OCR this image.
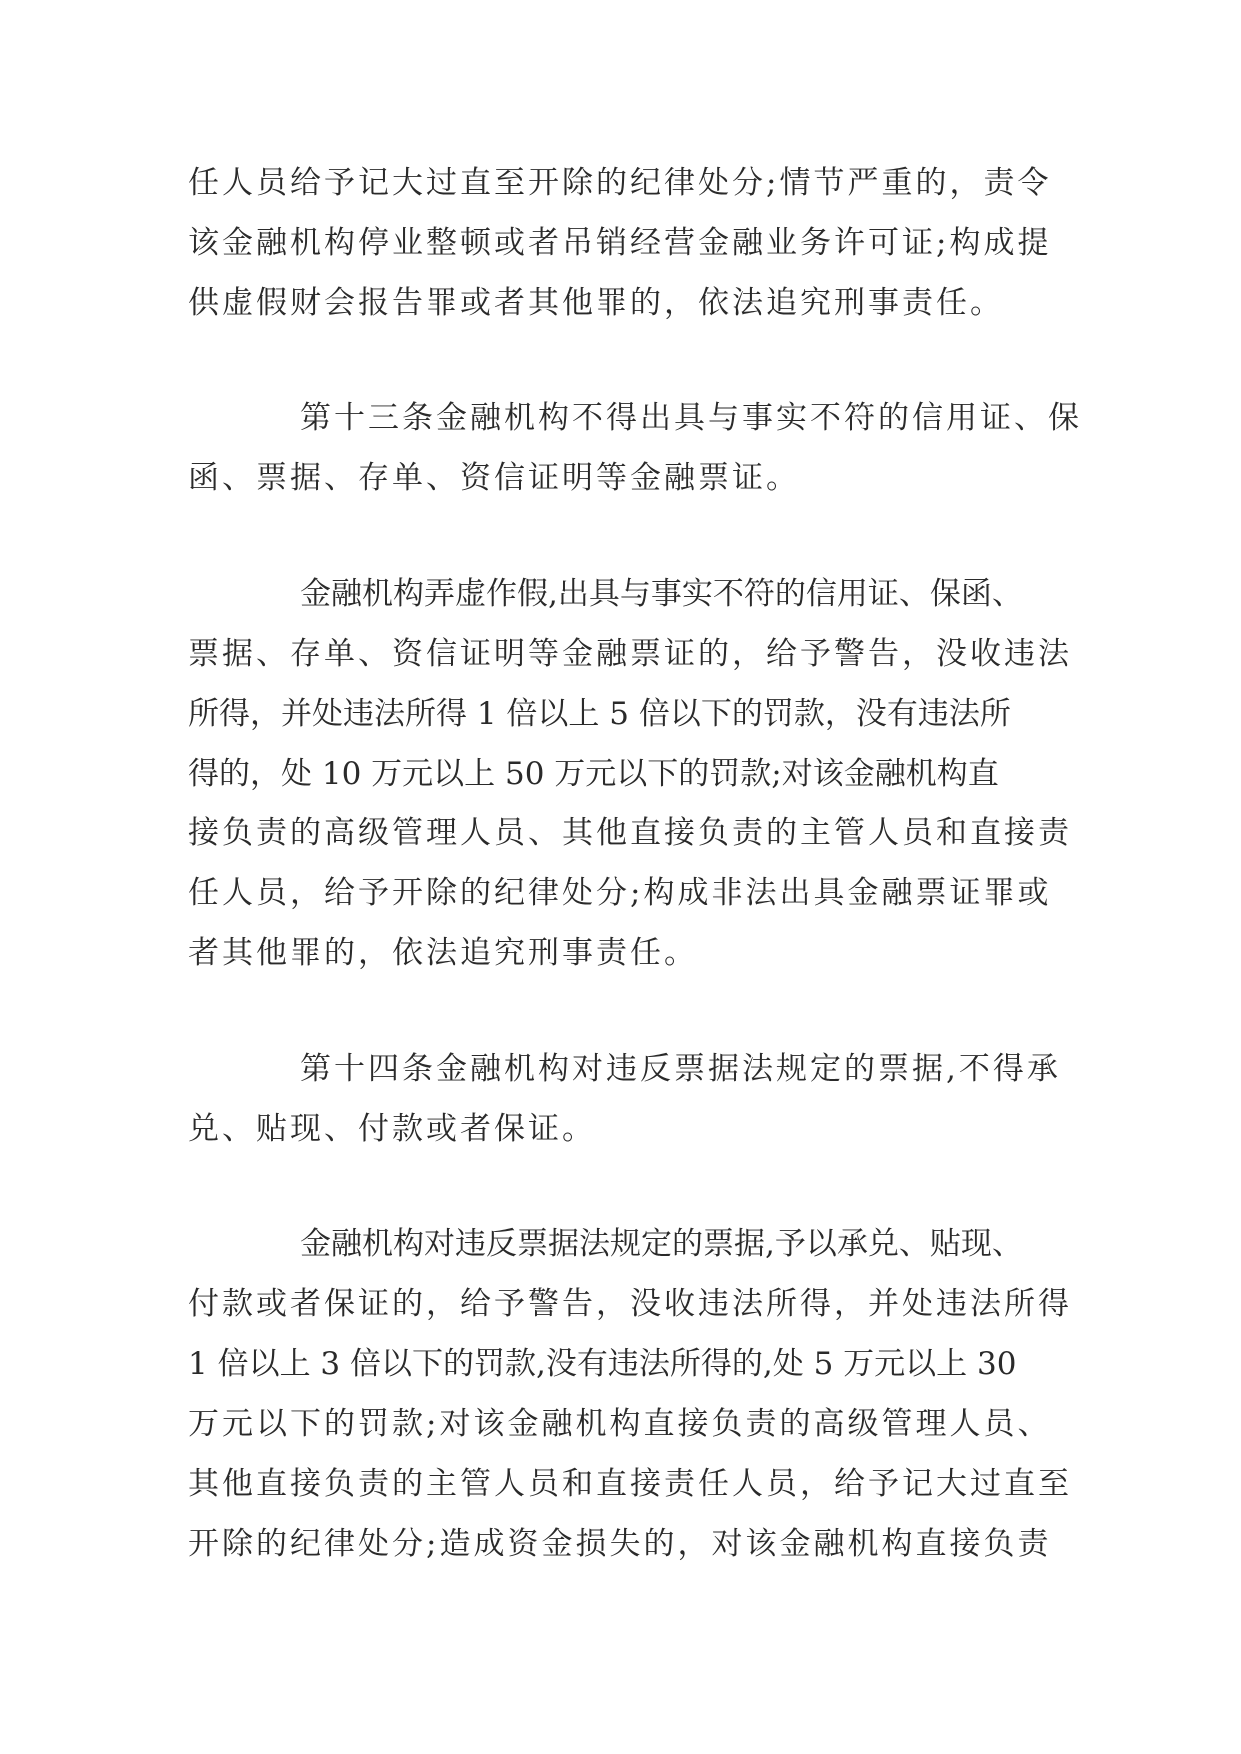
任人员给予记大过直至开除的纪律处分;情节严重的，责令
该金融机构停业整顿或者吊销经营金融业务许可证;构成提
供虚假财会报告罪或者其他罪的，依法追究刑事责任。
第十三条金融机构不得出具与事实不符的信用证、保
函、票据、存单、资信证明等金融票证。
金融机构弄虚作假,出具与事实不符的信用证、保函、
票据、存单、资信证明等金融票证的，给予警告，没收违法
所得，并处违法所得 1 倍以上 5 倍以下的罚款，没有违法所
得的，处 10 万元以上 50 万元以下的罚款;对该金融机构直
接负责的高级管理人员、其他直接负责的主管人员和直接责
任人员，给予开除的纪律处分;构成非法出具金融票证罪或
者其他罪的，依法追究刑事责任。
第十四条金融机构对违反票据法规定的票据,不得承
兑、贴现、付款或者保证。
金融机构对违反票据法规定的票据,予以承兑、贴现、
付款或者保证的，给予警告，没收违法所得，并处违法所得
1 倍以上 3 倍以下的罚款,没有违法所得的,处 5 万元以上 30
万元以下的罚款;对该金融机构直接负责的高级管理人员、
其他直接负责的主管人员和直接责任人员，给予记大过直至
开除的纪律处分;造成资金损失的，对该金融机构直接负责
